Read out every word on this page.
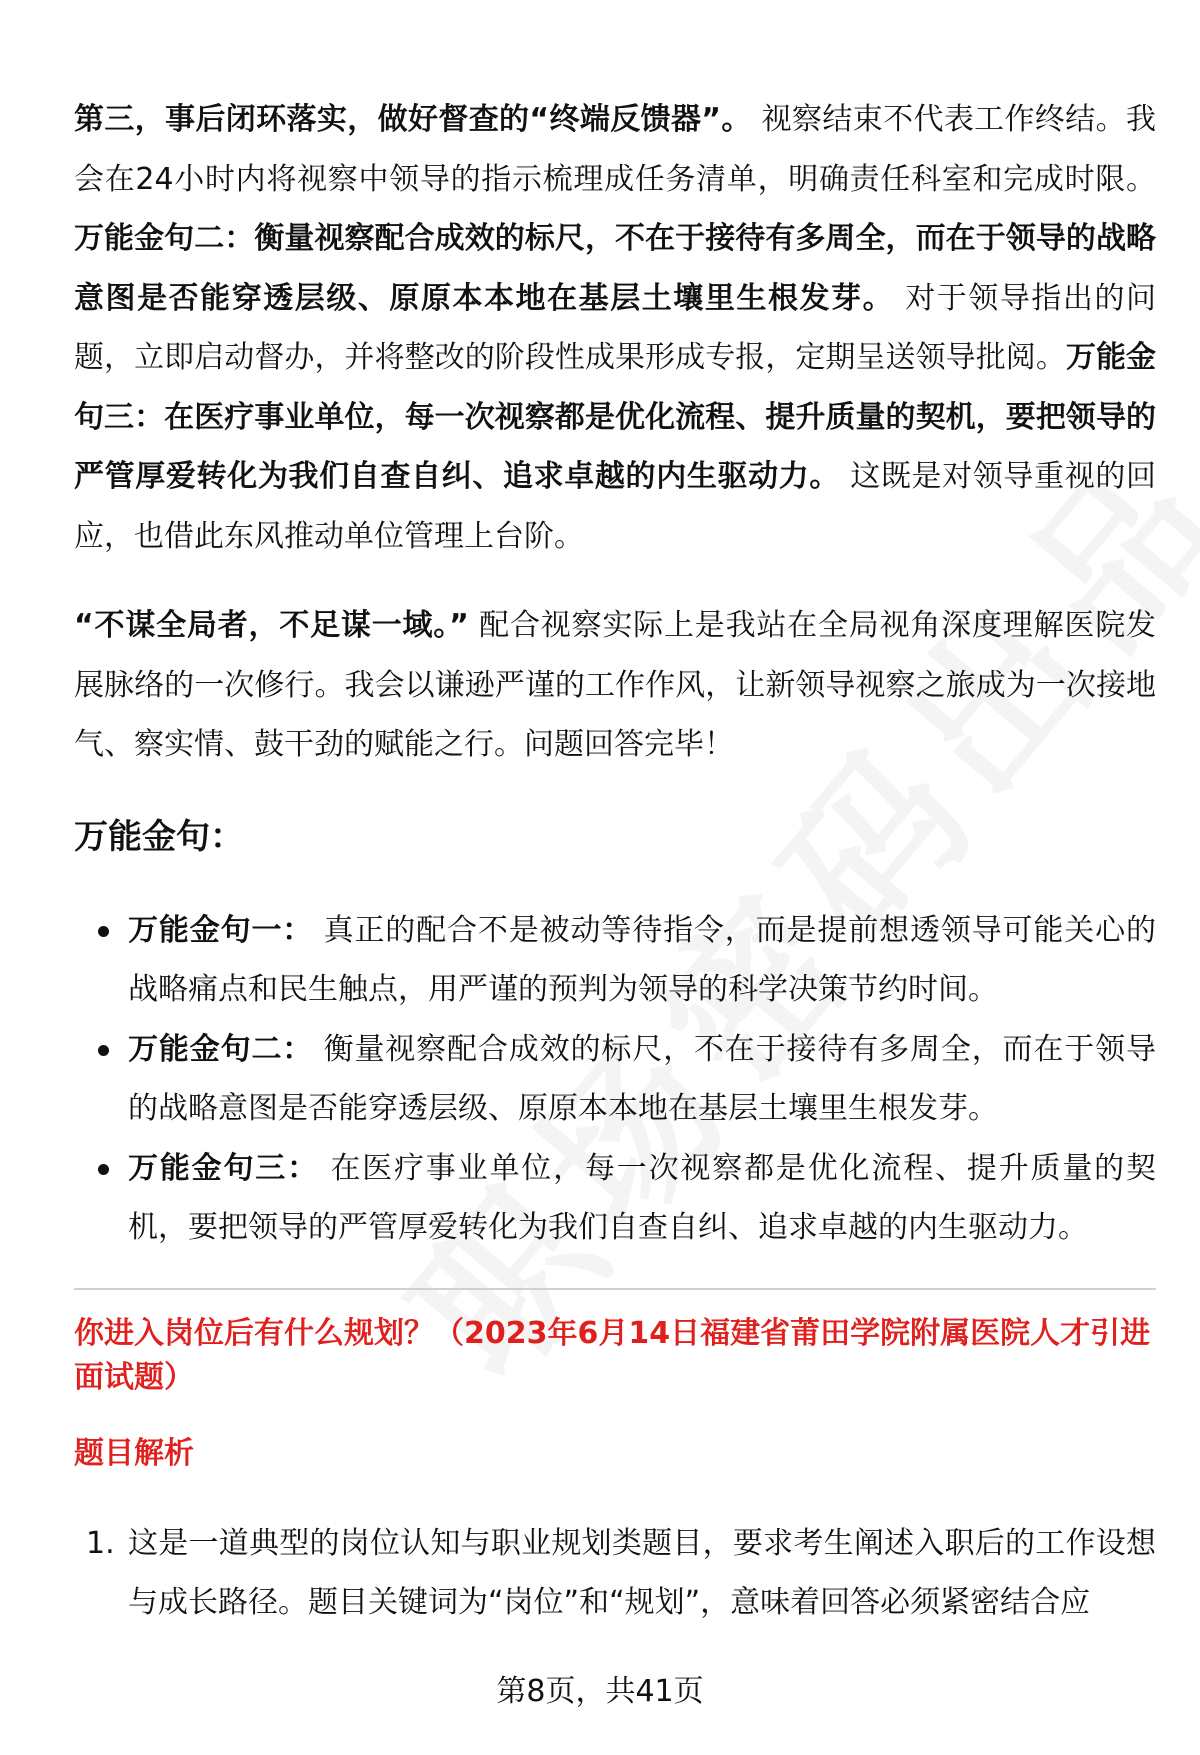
第三，事后闭环落实，做好督查的“终端反馈器”。 视察结束不代表工作终结。我会在24小时内将视察中领导的指示梳理成任务清单，明确责任科室和完成时限。万能金句二：衡量视察配合成效的标尺，不在于接待有多周全，而在于领导的战略意图是否能穿透层级、原原本本地在基层土壤里生根发芽。 对于领导指出的问题，立即启动督办，并将整改的阶段性成果形成专报，定期呈送领导批阅。万能金句三：在医疗事业单位，每一次视察都是优化流程、提升质量的契机，要把领导的严管厚爱转化为我们自查自纠、追求卓越的内生驱动力。 这既是对领导重视的回应，也借此东风推动单位管理上台阶。

“不谋全局者，不足谋一域。” 配合视察实际上是我站在全局视角深度理解医院发展脉络的一次修行。我会以谦逊严谨的工作作风，让新领导视察之旅成为一次接地气、察实情、鼓干劲的赋能之行。问题回答完毕！

万能金句：
万能金句一： 真正的配合不是被动等待指令，而是提前想透领导可能关心的战略痛点和民生触点，用严谨的预判为领导的科学决策节约时间。
万能金句二： 衡量视察配合成效的标尺，不在于接待有多周全，而在于领导的战略意图是否能穿透层级、原原本本地在基层土壤里生根发芽。
万能金句三： 在医疗事业单位，每一次视察都是优化流程、提升质量的契机，要把领导的严管厚爱转化为我们自查自纠、追求卓越的内生驱动力。
你进入岗位后有什么规划？（2023年6月14日福建省莆田学院附属医院人才引进面试题）
题目解析
1. 这是一道典型的岗位认知与职业规划类题目，要求考生阐述入职后的工作设想与成长路径。题目关键词为“岗位”和“规划”，意味着回答必须紧密结合应
第8页，共41页
